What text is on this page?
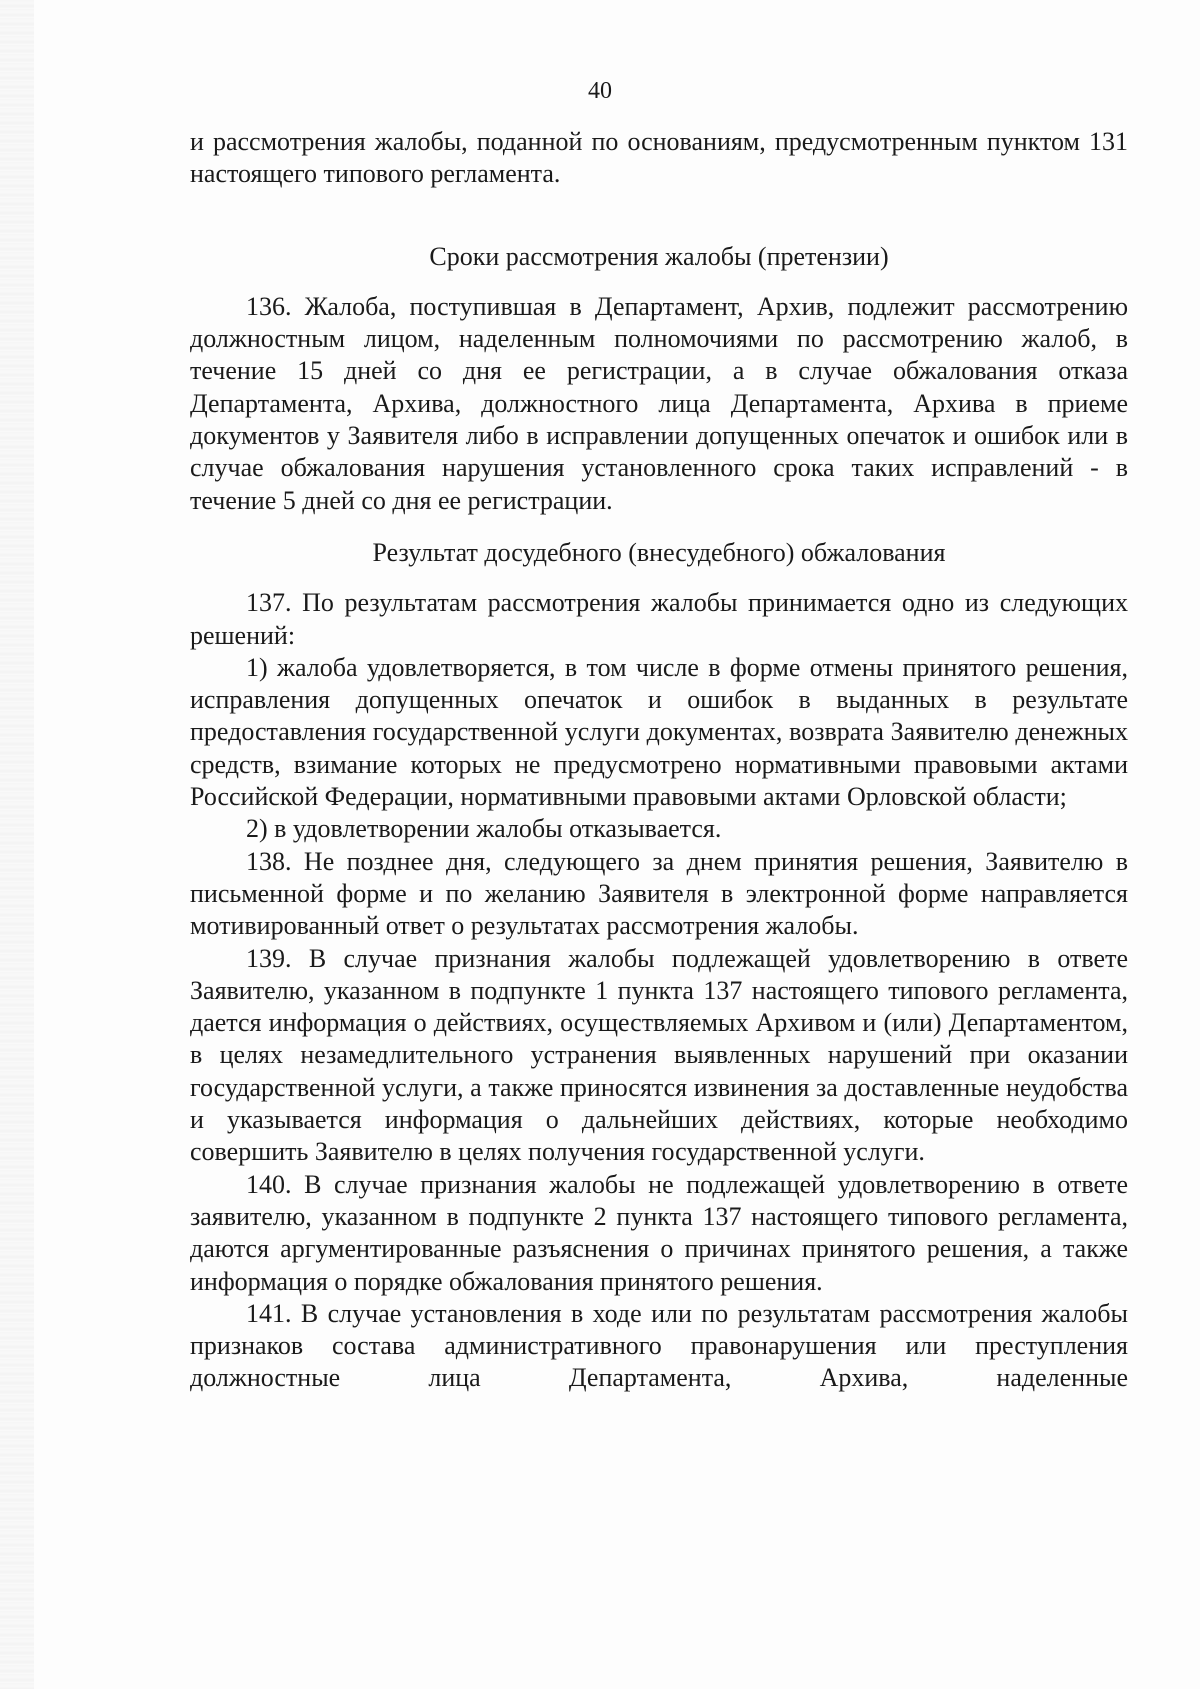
40

и рассмотрения жалобы, поданной по основаниям, предусмотренным пунктом 131 настоящего типового регламента.

Сроки рассмотрения жалобы (претензии)

136. Жалоба, поступившая в Департамент, Архив, подлежит рассмотрению должностным лицом, наделенным полномочиями по рассмотрению жалоб, в течение 15 дней со дня ее регистрации, а в случае обжалования отказа Департамента, Архива, должностного лица Департамента, Архива в приеме документов у Заявителя либо в исправлении допущенных опечаток и ошибок или в случае обжалования нарушения установленного срока таких исправлений - в течение 5 дней со дня ее регистрации.

Результат досудебного (внесудебного) обжалования

137. По результатам рассмотрения жалобы принимается одно из следующих решений:

1) жалоба удовлетворяется, в том числе в форме отмены принятого решения, исправления допущенных опечаток и ошибок в выданных в результате предоставления государственной услуги документах, возврата Заявителю денежных средств, взимание которых не предусмотрено нормативными правовыми актами Российской Федерации, нормативными правовыми актами Орловской области;

2) в удовлетворении жалобы отказывается.

138. Не позднее дня, следующего за днем принятия решения, Заявителю в письменной форме и по желанию Заявителя в электронной форме направляется мотивированный ответ о результатах рассмотрения жалобы.

139. В случае признания жалобы подлежащей удовлетворению в ответе Заявителю, указанном в подпункте 1 пункта 137 настоящего типового регламента, дается информация о действиях, осуществляемых Архивом и (или) Департаментом, в целях незамедлительного устранения выявленных нарушений при оказании государственной услуги, а также приносятся извинения за доставленные неудобства и указывается информация о дальнейших действиях, которые необходимо совершить Заявителю в целях получения государственной услуги.

140. В случае признания жалобы не подлежащей удовлетворению в ответе заявителю, указанном в подпункте 2 пункта 137 настоящего типового регламента, даются аргументированные разъяснения о причинах принятого решения, а также информация о порядке обжалования принятого решения.

141. В случае установления в ходе или по результатам рассмотрения жалобы признаков состава административного правонарушения или преступления должностные лица Департамента, Архива, наделенные
